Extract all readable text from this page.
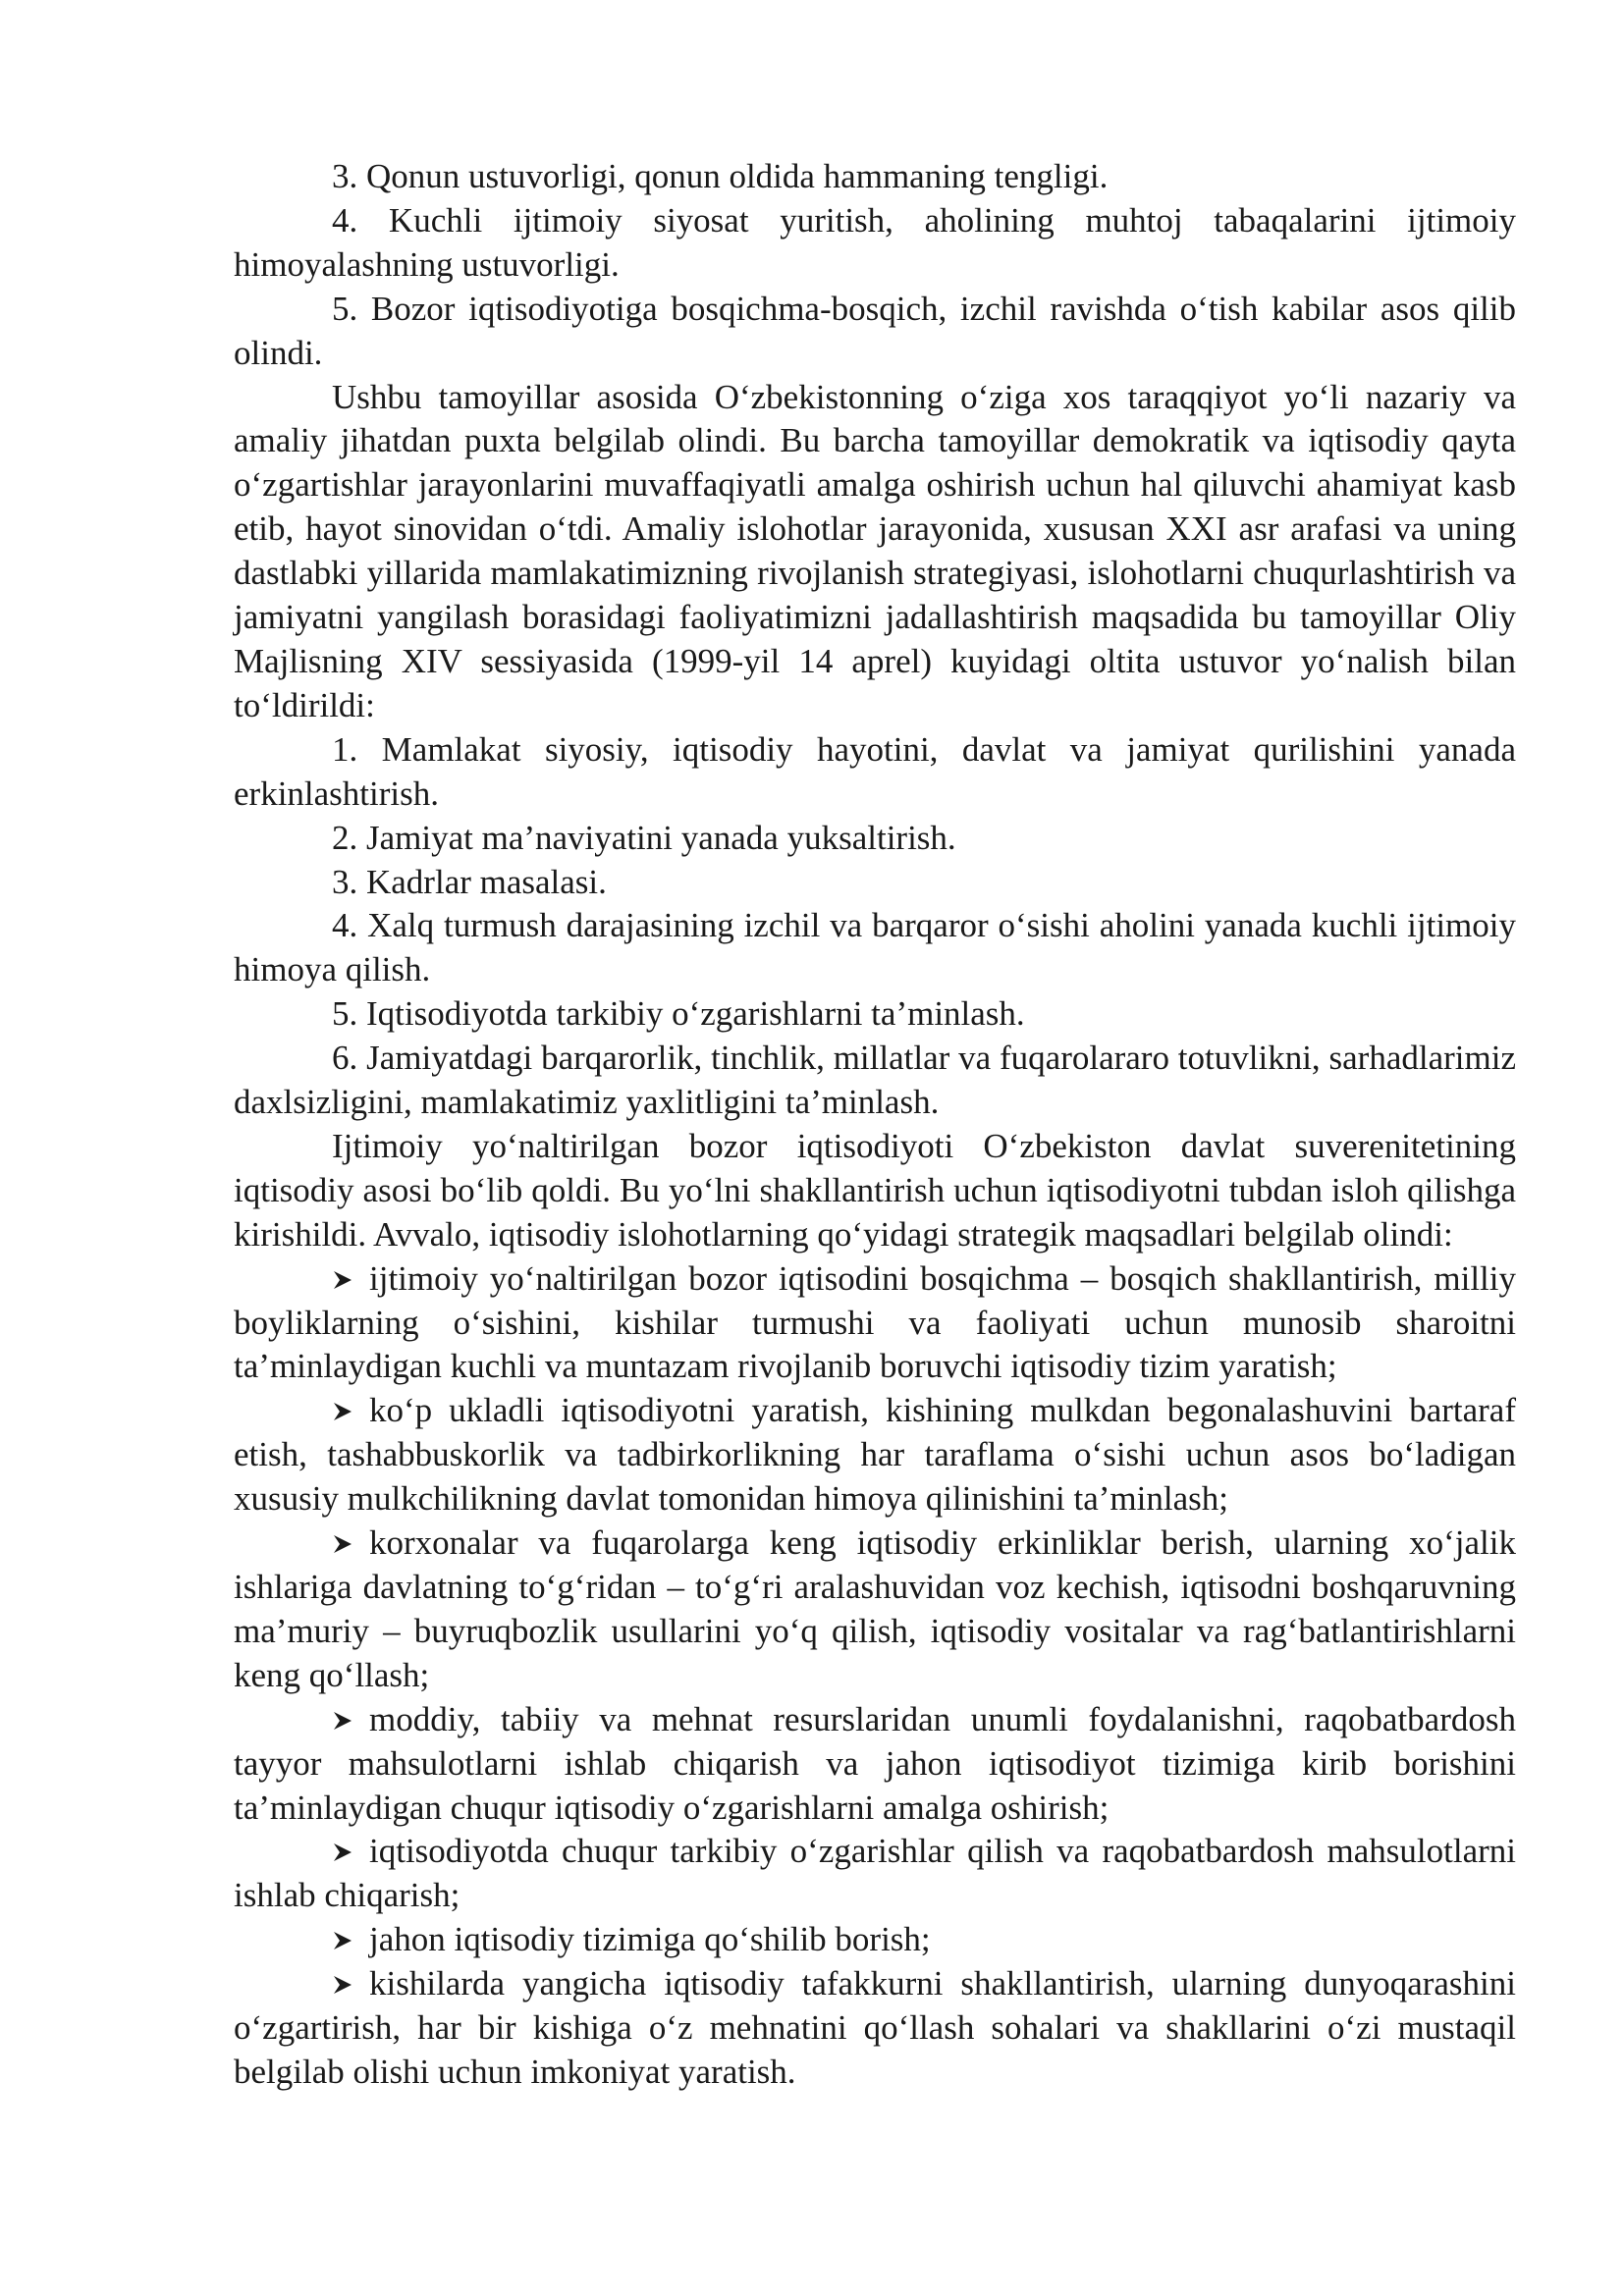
3. Qonun ustuvorligi, qonun oldida hammaning tengligi.

4. Kuchli ijtimoiy siyosat yuritish, aholining muhtoj tabaqalarini ijtimoiy himoyalashning ustuvorligi.

5. Bozor iqtisodiyotiga bosqichma-bosqich, izchil ravishda o‘tish kabilar asos qilib olindi.

Ushbu tamoyillar asosida O‘zbekistonning o‘ziga xos taraqqiyot yo‘li nazariy va amaliy jihatdan puxta belgilab olindi. Bu barcha tamoyillar demokratik va iqtisodiy qayta o‘zgartishlar jarayonlarini muvaffaqiyatli amalga oshirish uchun hal qiluvchi ahamiyat kasb etib, hayot sinovidan o‘tdi. Amaliy islohotlar jarayonida, xususan XXI asr arafasi va uning dastlabki yillarida mamlakatimizning rivojlanish strategiyasi, islohotlarni chuqurlashtirish va jamiyatni yangilash borasidagi faoliyatimizni jadallashtirish maqsadida bu tamoyillar Oliy Majlisning XIV sessiyasida (1999-yil 14 aprel) kuyidagi oltita ustuvor yo‘nalish bilan to‘ldirildi:

1. Mamlakat siyosiy, iqtisodiy hayotini, davlat va jamiyat qurilishini yanada erkinlashtirish.

2. Jamiyat ma’naviyatini yanada yuksaltirish.

3. Kadrlar masalasi.

4. Xalq turmush darajasining izchil va barqaror o‘sishi aholini yanada kuchli ijtimoiy himoya qilish.

5. Iqtisodiyotda tarkibiy o‘zgarishlarni ta’minlash.

6. Jamiyatdagi barqarorlik, tinchlik, millatlar va fuqarolararo totuvlikni, sarhadlarimiz daxlsizligini, mamlakatimiz yaxlitligini ta’minlash.

Ijtimoiy yo‘naltirilgan bozor iqtisodiyoti O‘zbekiston davlat suverenitetining iqtisodiy asosi bo‘lib qoldi. Bu yo‘lni shakllantirish uchun iqtisodiyotni tubdan isloh qilishga kirishildi. Avvalo, iqtisodiy islohotlarning qo‘yidagi strategik maqsadlari belgilab olindi:

ijtimoiy yo‘naltirilgan bozor iqtisodini bosqichma – bosqich shakllantirish, milliy boyliklarning o‘sishini, kishilar turmushi va faoliyati uchun munosib sharoitni ta’minlaydigan kuchli va muntazam rivojlanib boruvchi iqtisodiy tizim yaratish;

ko‘p ukladli iqtisodiyotni yaratish, kishining mulkdan begonalashuvini bartaraf etish, tashabbuskorlik va tadbirkorlikning har taraflama o‘sishi uchun asos bo‘ladigan xususiy mulkchilikning davlat tomonidan himoya qilinishini ta’minlash;

korxonalar va fuqarolarga keng iqtisodiy erkinliklar berish, ularning xo‘jalik ishlariga davlatning to‘g‘ridan – to‘g‘ri aralashuvidan voz kechish, iqtisodni boshqaruvning ma’muriy – buyruqbozlik usullarini yo‘q qilish, iqtisodiy vositalar va rag‘batlantirishlarni keng qo‘llash;

moddiy, tabiiy va mehnat resurslaridan unumli foydalanishni, raqobatbardosh tayyor mahsulotlarni ishlab chiqarish va jahon iqtisodiyot tizimiga kirib borishini ta’minlaydigan chuqur iqtisodiy o‘zgarishlarni amalga oshirish;

iqtisodiyotda chuqur tarkibiy o‘zgarishlar qilish va raqobatbardosh mahsulotlarni ishlab chiqarish;

jahon iqtisodiy tizimiga qo‘shilib borish;

kishilarda yangicha iqtisodiy tafakkurni shakllantirish, ularning dunyoqarashini o‘zgartirish, har bir kishiga o‘z mehnatini qo‘llash sohalari va shakllarini o‘zi mustaqil belgilab olishi uchun imkoniyat yaratish.
